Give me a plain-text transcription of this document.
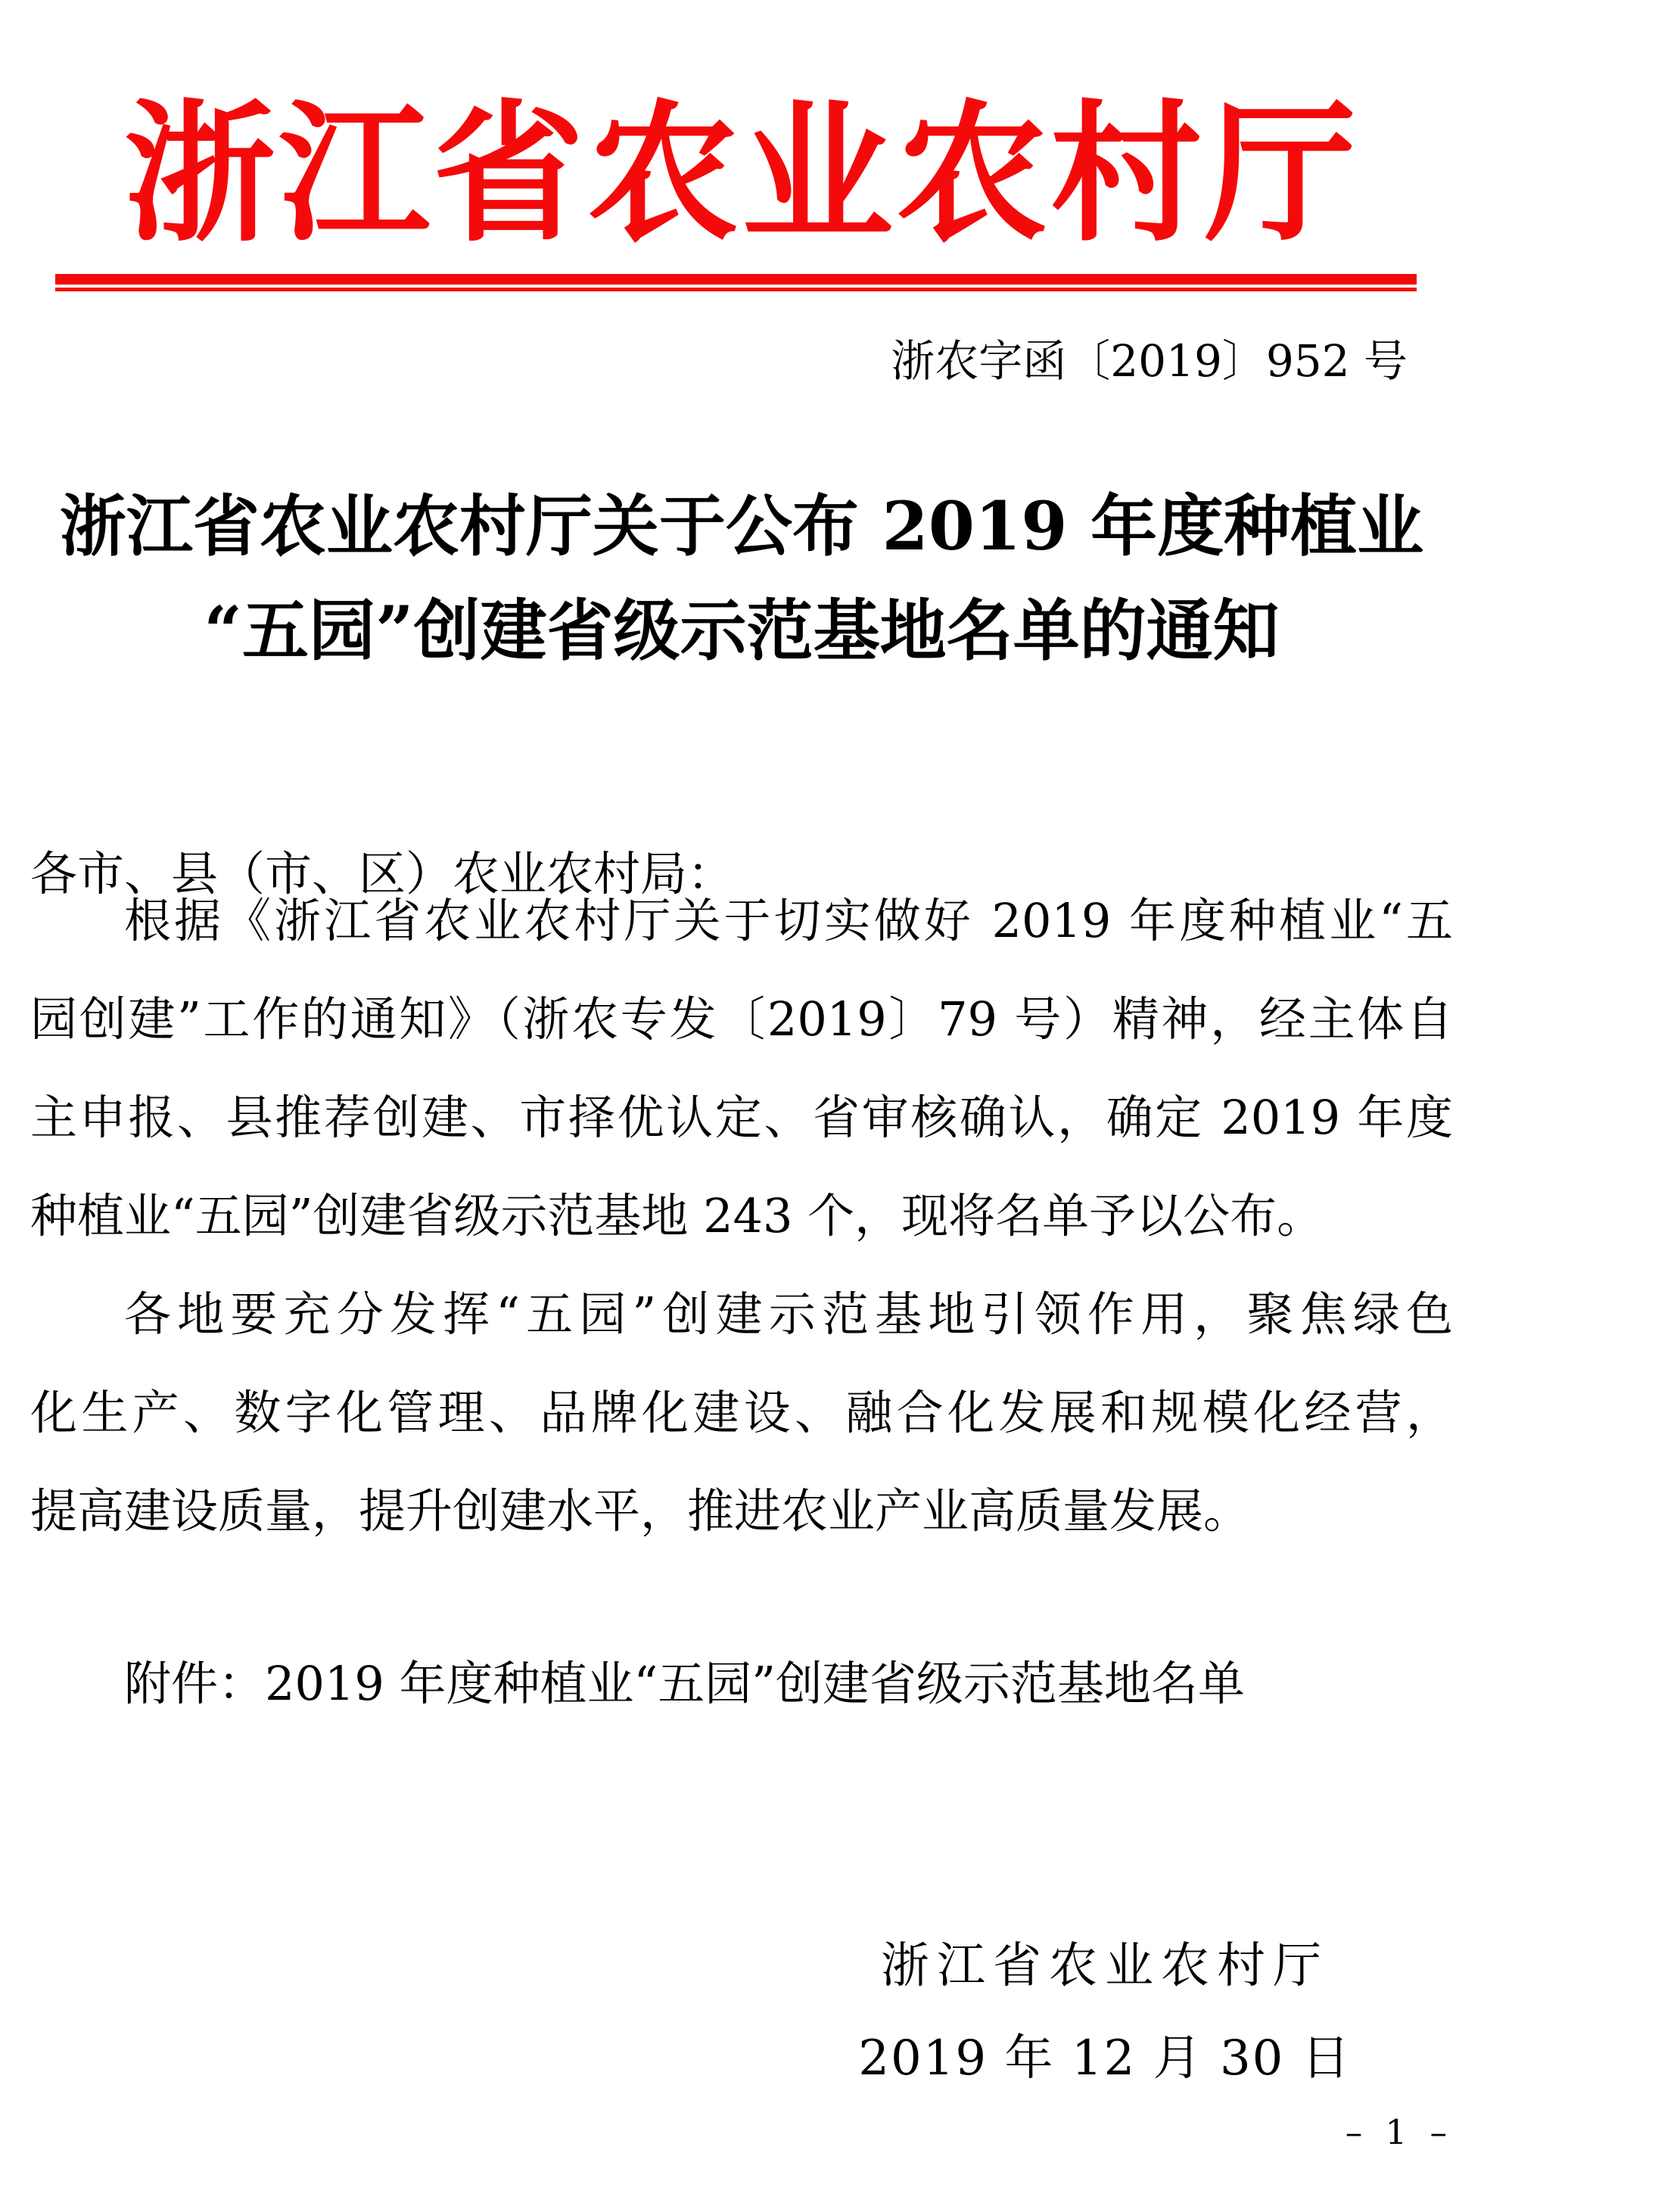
浙江省农业农村厅
浙农字函〔2019〕952 号
浙江省农业农村厅关于公布 2019 年度种植业
“五园”创建省级示范基地名单的通知
各市、县（市、区）农业农村局：
根据《浙江省农业农村厅关于切实做好 2019 年度种植业“五
园创建”工作的通知》（浙农专发〔2019〕79 号）精神，经主体自
主申报、县推荐创建、市择优认定、省审核确认，确定 2019 年度
种植业“五园”创建省级示范基地 243 个，现将名单予以公布。
各地要充分发挥“五园”创建示范基地引领作用，聚焦绿色
化生产、数字化管理、品牌化建设、融合化发展和规模化经营，
提高建设质量，提升创建水平，推进农业产业高质量发展。
附件：2019 年度种植业“五园”创建省级示范基地名单
浙江省农业农村厅
2019 年 12 月 30 日
– 1 –
